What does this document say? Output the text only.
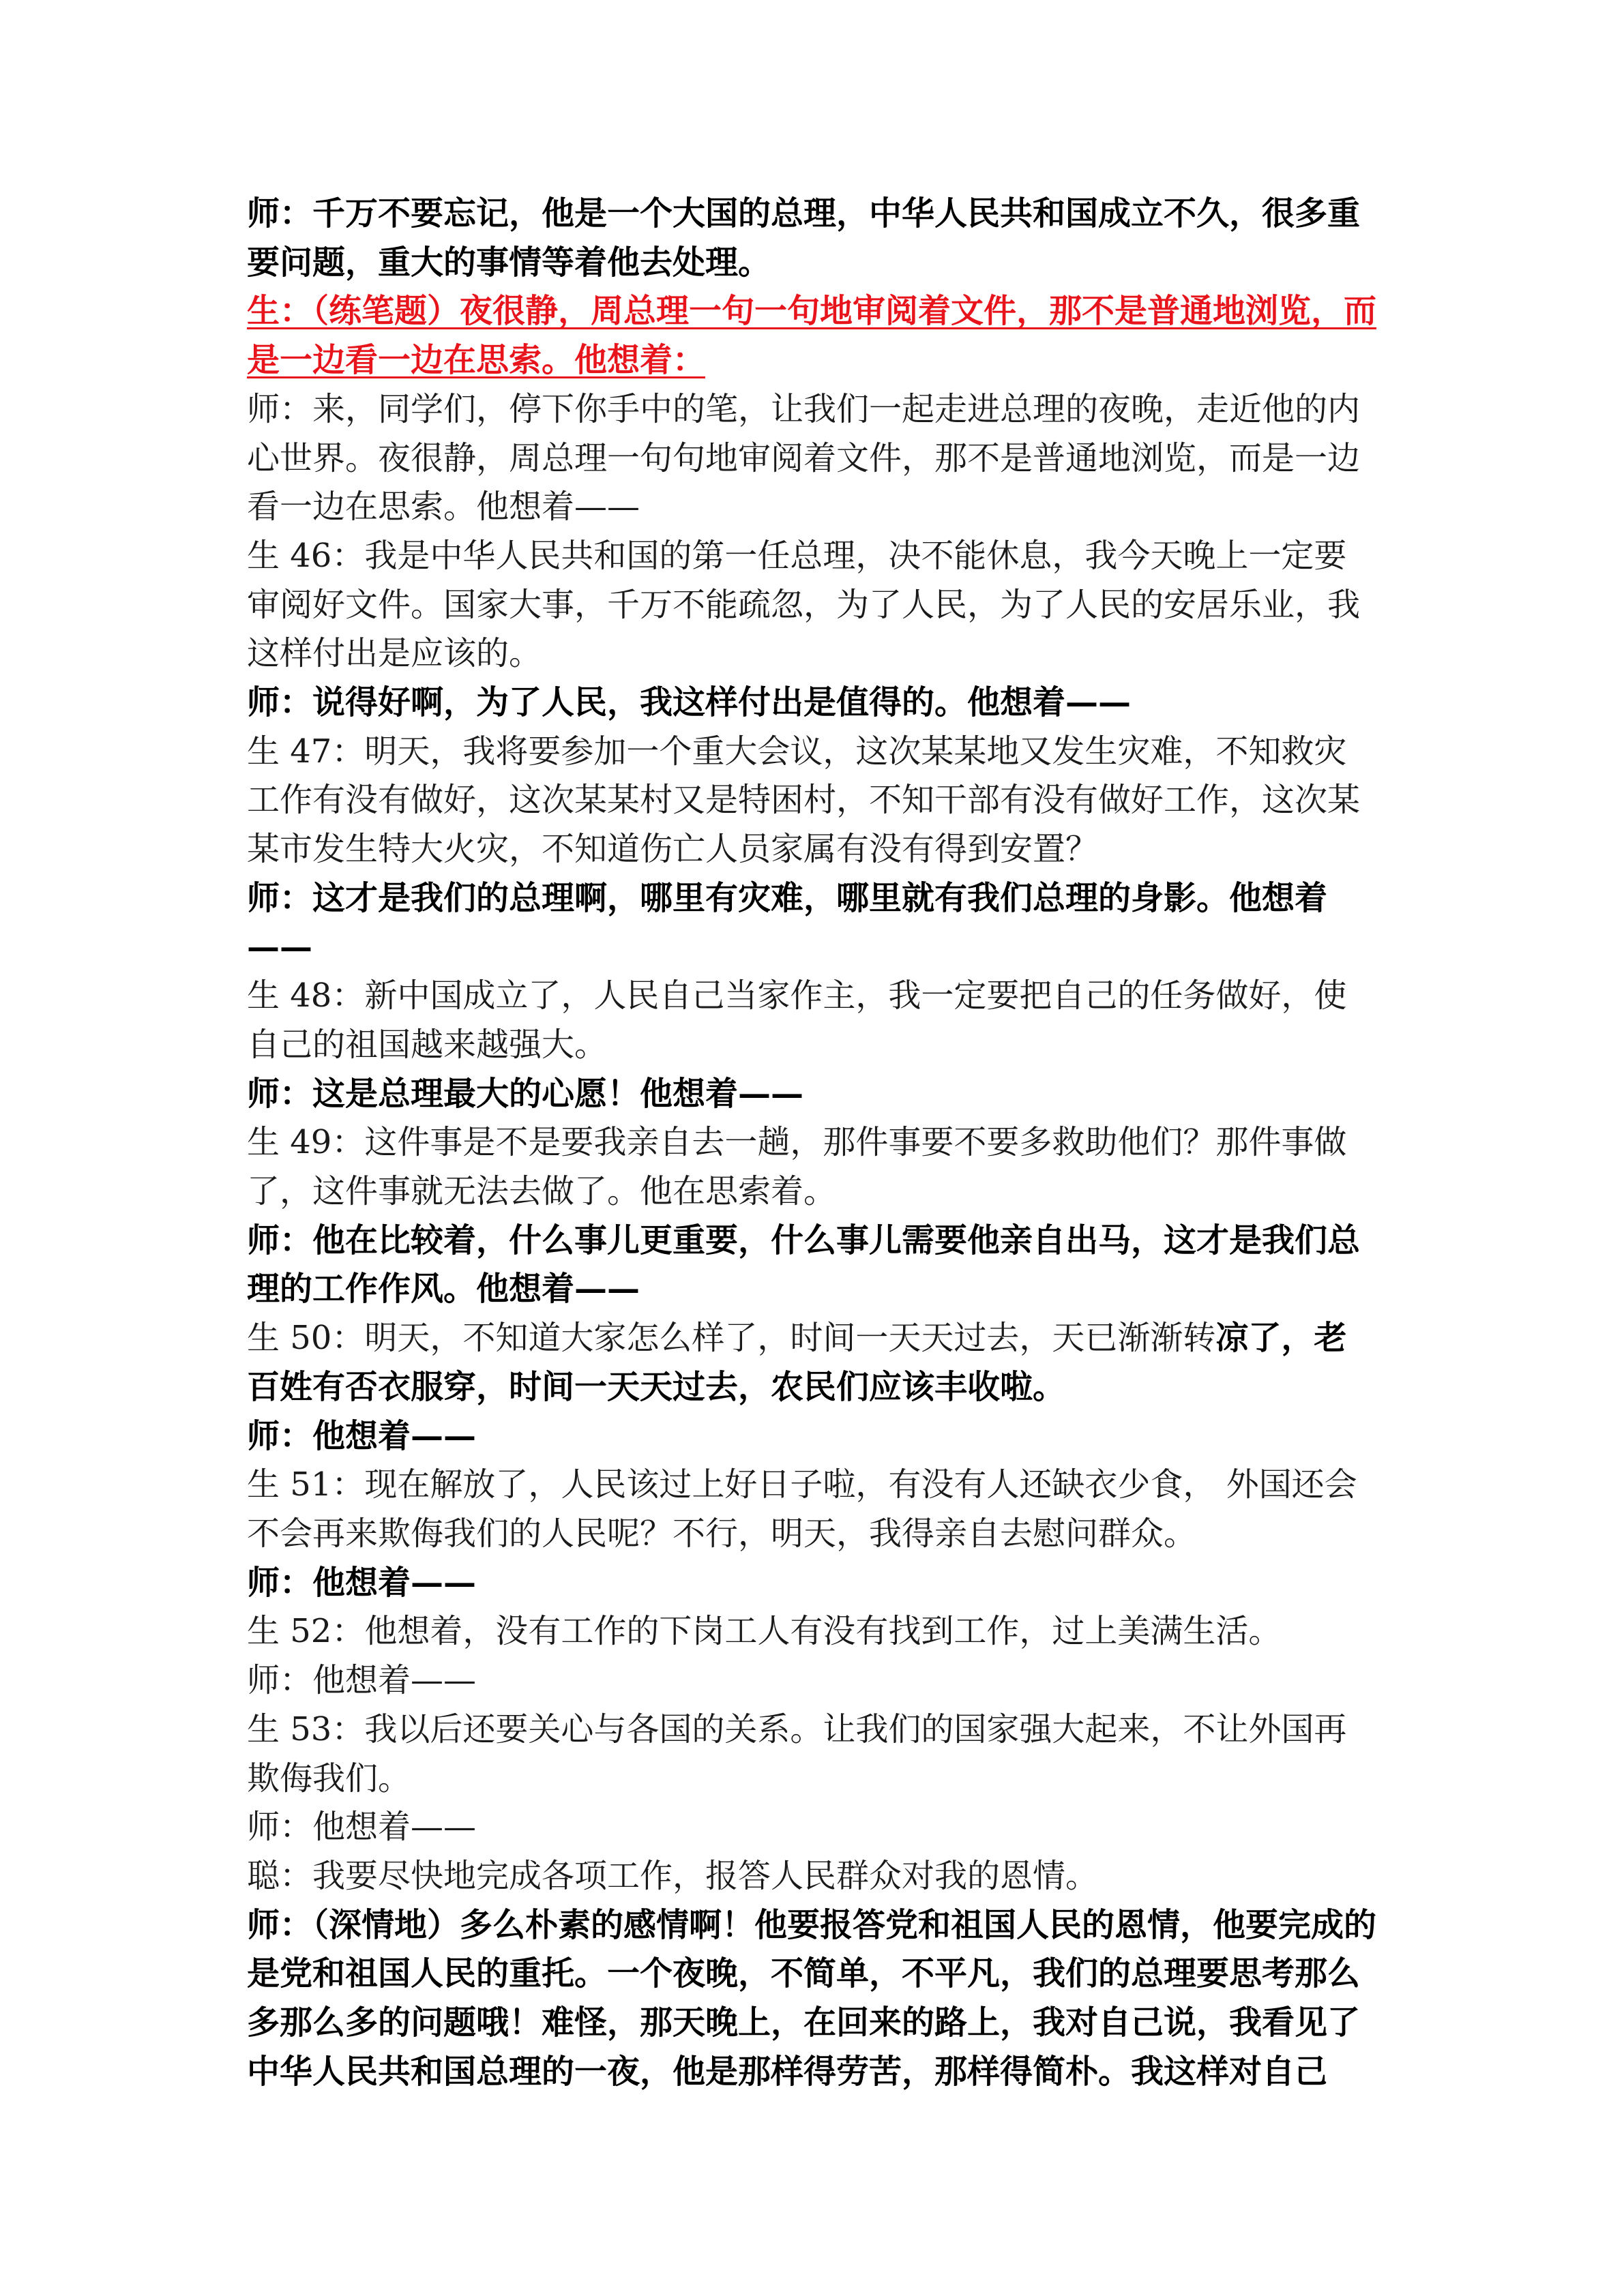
师：千万不要忘记，他是一个大国的总理，中华人民共和国成立不久，很多重要问题，重大的事情等着他去处理。

生：（练笔题）夜很静，周总理一句一句地审阅着文件，那不是普通地浏览，而是一边看一边在思索。他想着：

师：来，同学们，停下你手中的笔，让我们一起走进总理的夜晚，走近他的内心世界。夜很静，周总理一句句地审阅着文件，那不是普通地浏览，而是一边看一边在思索。他想着——

生 46：我是中华人民共和国的第一任总理，决不能休息，我今天晚上一定要审阅好文件。国家大事，千万不能疏忽，为了人民，为了人民的安居乐业，我这样付出是应该的。

师：说得好啊，为了人民，我这样付出是值得的。他想着——

生 47：明天，我将要参加一个重大会议，这次某某地又发生灾难，不知救灾工作有没有做好，这次某某村又是特困村，不知干部有没有做好工作，这次某某市发生特大火灾，不知道伤亡人员家属有没有得到安置？

师：这才是我们的总理啊，哪里有灾难，哪里就有我们总理的身影。他想着——

生 48：新中国成立了，人民自己当家作主，我一定要把自己的任务做好，使自己的祖国越来越强大。

师：这是总理最大的心愿！他想着——

生 49：这件事是不是要我亲自去一趟，那件事要不要多救助他们？那件事做了，这件事就无法去做了。他在思索着。

师：他在比较着，什么事儿更重要，什么事儿需要他亲自出马，这才是我们总理的工作作风。他想着——

生 50：明天，不知道大家怎么样了，时间一天天过去，天已渐渐转凉了，老百姓有否衣服穿，时间一天天过去，农民们应该丰收啦。

师：他想着——

生 51：现在解放了，人民该过上好日子啦，有没有人还缺衣少食， 外国还会不会再来欺侮我们的人民呢？不行，明天，我得亲自去慰问群众。

师：他想着——

生 52：他想着，没有工作的下岗工人有没有找到工作，过上美满生活。

师：他想着——

生 53：我以后还要关心与各国的关系。让我们的国家强大起来，不让外国再欺侮我们。

师：他想着——

聪：我要尽快地完成各项工作，报答人民群众对我的恩情。

师：（深情地）多么朴素的感情啊！他要报答党和祖国人民的恩情，他要完成的是党和祖国人民的重托。一个夜晚，不简单，不平凡，我们的总理要思考那么多那么多的问题哦！难怪，那天晚上，在回来的路上，我对自己说，我看见了中华人民共和国总理的一夜，他是那样得劳苦，那样得简朴。我这样对自己
